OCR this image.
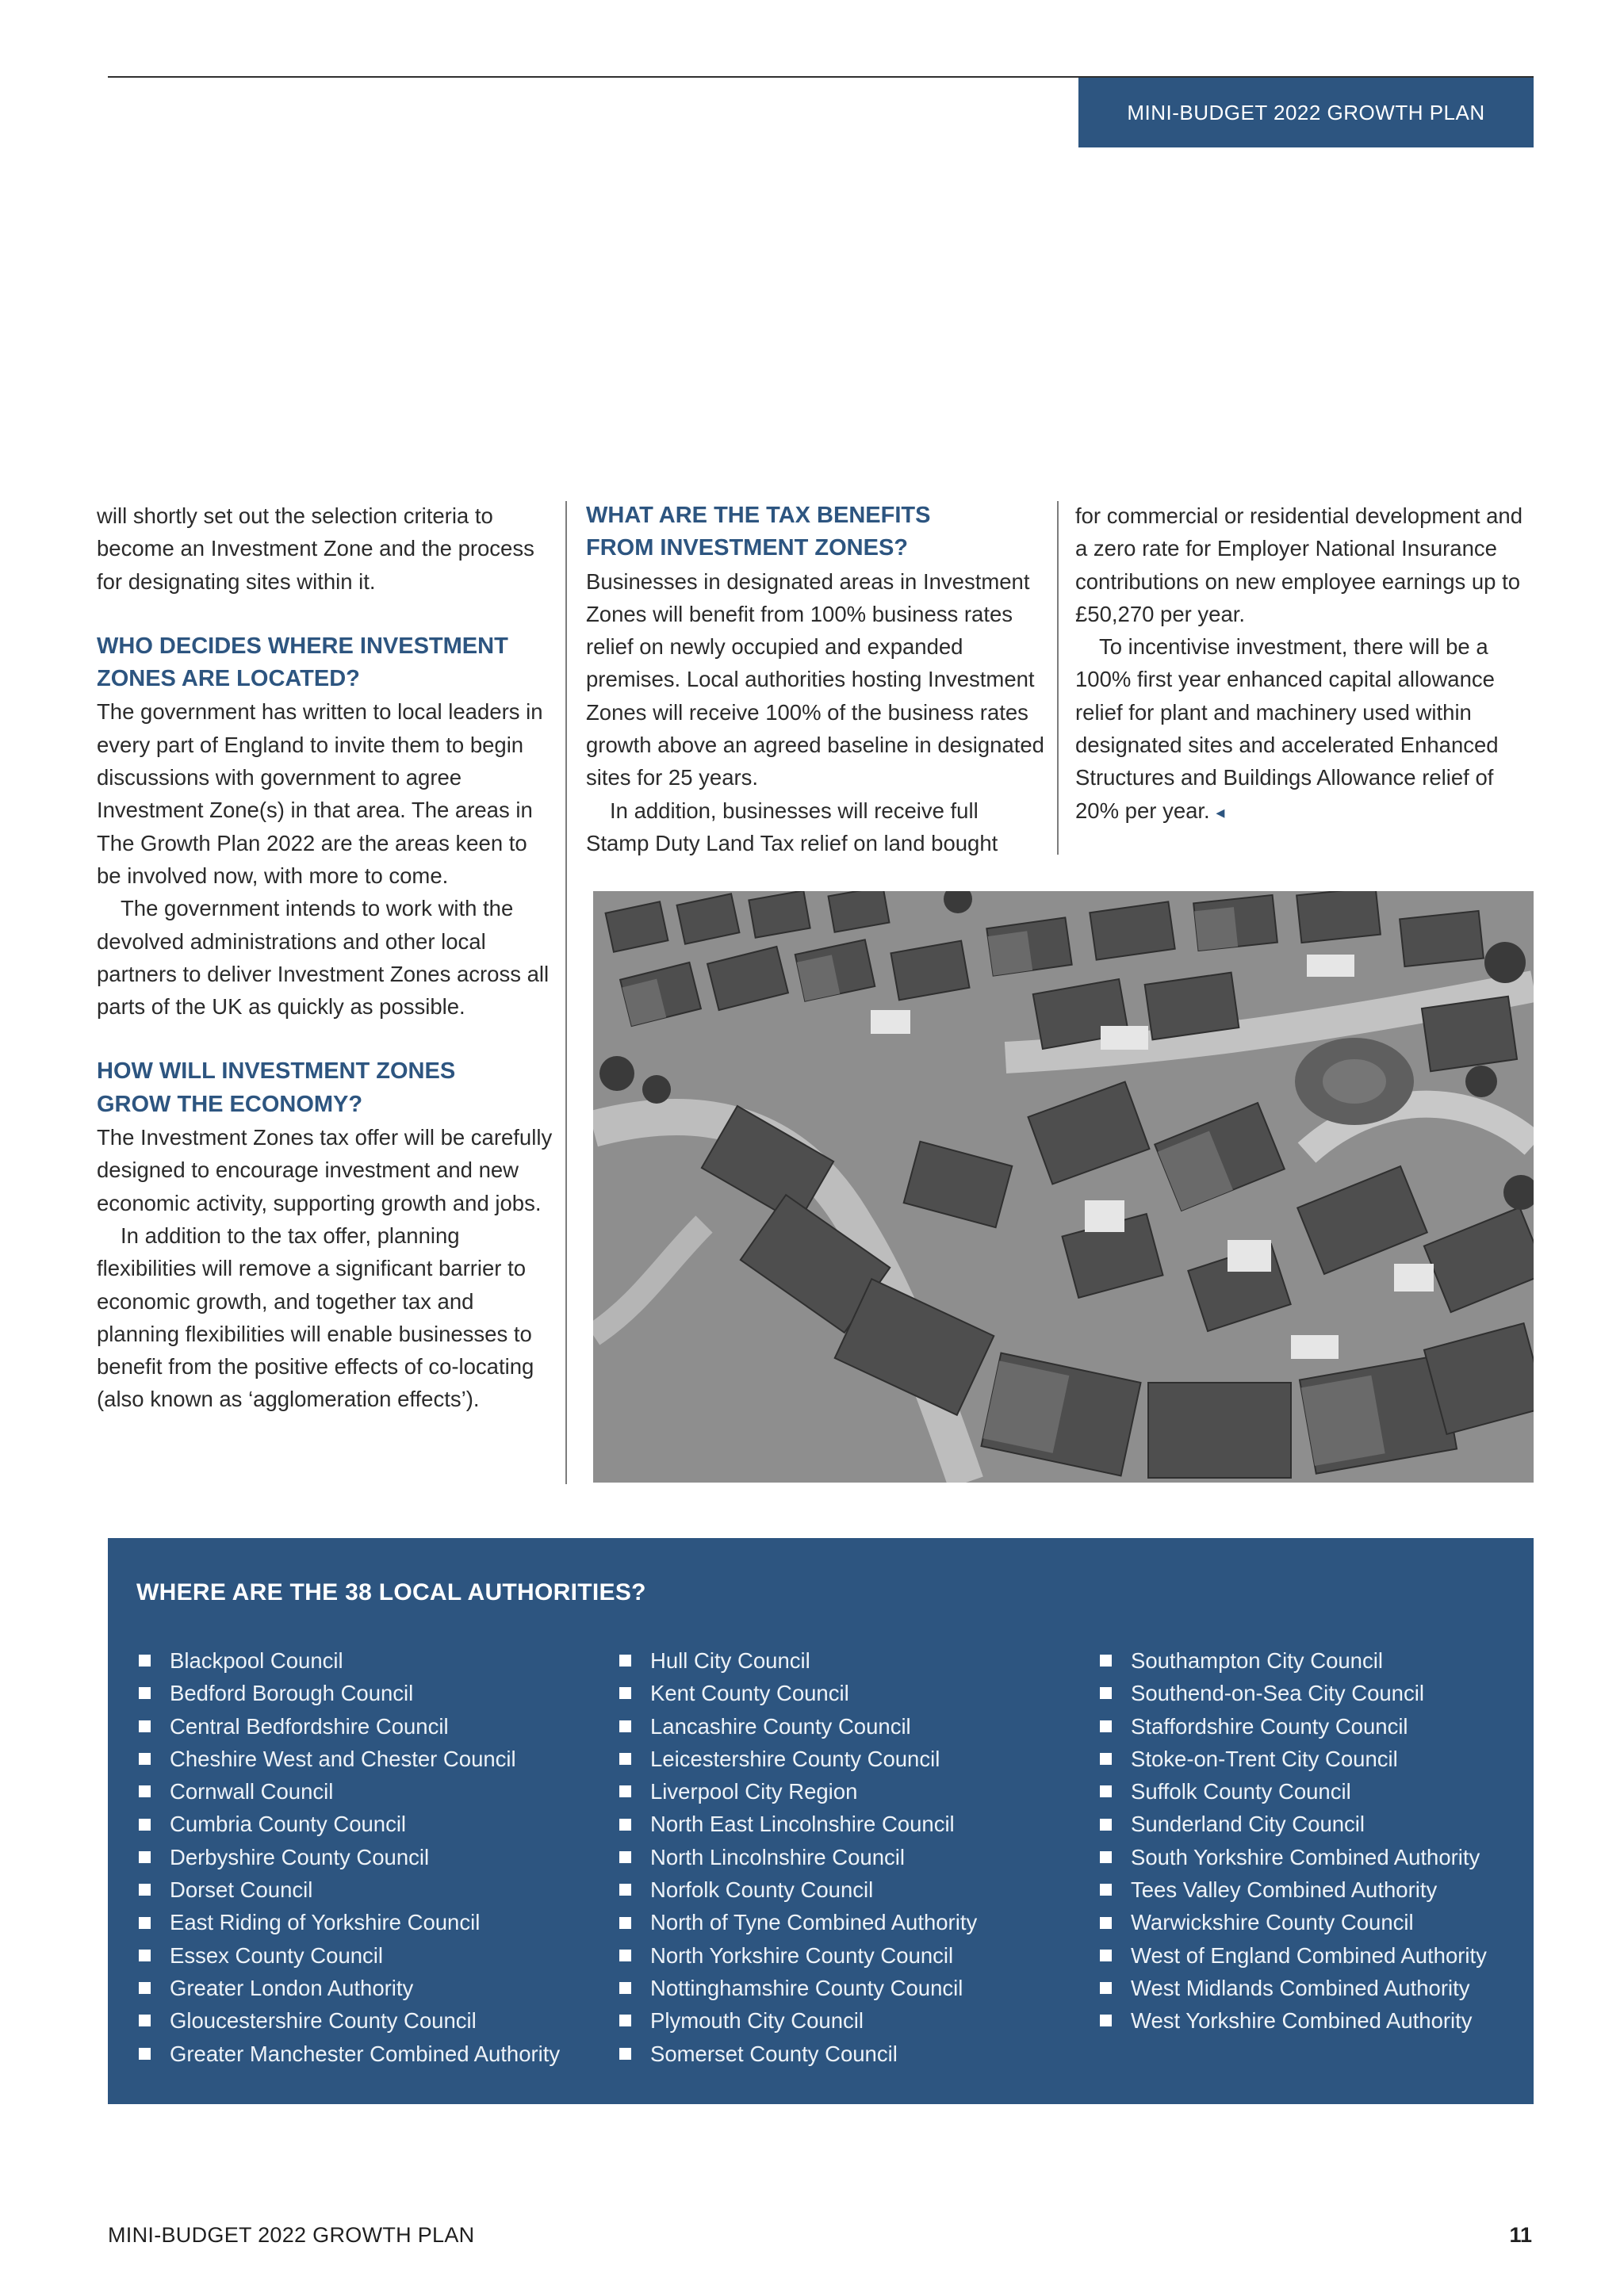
MINI-BUDGET 2022 GROWTH PLAN

will shortly set out the selection criteria to become an Investment Zone and the process for designating sites within it.

WHO DECIDES WHERE INVESTMENT
ZONES ARE LOCATED?

The government has written to local leaders in every part of England to invite them to begin discussions with government to agree Investment Zone(s) in that area. The areas in The Growth Plan 2022 are the areas keen to be involved now, with more to come.

The government intends to work with the devolved administrations and other local partners to deliver Investment Zones across all parts of the UK as quickly as possible.

HOW WILL INVESTMENT ZONES
GROW THE ECONOMY?

The Investment Zones tax offer will be carefully designed to encourage investment and new economic activity, supporting growth and jobs.

In addition to the tax offer, planning flexibilities will remove a significant barrier to economic growth, and together tax and planning flexibilities will enable businesses to benefit from the positive effects of co-locating (also known as ‘agglomeration effects’).

WHAT ARE THE TAX BENEFITS
FROM INVESTMENT ZONES?

Businesses in designated areas in Investment Zones will benefit from 100% business rates relief on newly occupied and expanded premises. Local authorities hosting Investment Zones will receive 100% of the business rates growth above an agreed baseline in designated sites for 25 years.

In addition, businesses will receive full Stamp Duty Land Tax relief on land bought

for commercial or residential development and a zero rate for Employer National Insurance contributions on new employee earnings up to £50,270 per year.

To incentivise investment, there will be a 100% first year enhanced capital allowance relief for plant and machinery used within designated sites and accelerated Enhanced Structures and Buildings Allowance relief of 20% per year. ◂

WHERE ARE THE 38 LOCAL AUTHORITIES?
Blackpool Council
Bedford Borough Council
Central Bedfordshire Council
Cheshire West and Chester Council
Cornwall Council
Cumbria County Council
Derbyshire County Council
Dorset Council
East Riding of Yorkshire Council
Essex County Council
Greater London Authority
Gloucestershire County Council
Greater Manchester Combined Authority
Hull City Council
Kent County Council
Lancashire County Council
Leicestershire County Council
Liverpool City Region
North East Lincolnshire Council
North Lincolnshire Council
Norfolk County Council
North of Tyne Combined Authority
North Yorkshire County Council
Nottinghamshire County Council
Plymouth City Council
Somerset County Council
Southampton City Council
Southend-on-Sea City Council
Staffordshire County Council
Stoke-on-Trent City Council
Suffolk County Council
Sunderland City Council
South Yorkshire Combined Authority
Tees Valley Combined Authority
Warwickshire County Council
West of England Combined Authority
West Midlands Combined Authority
West Yorkshire Combined Authority
MINI-BUDGET 2022 GROWTH PLAN	11
